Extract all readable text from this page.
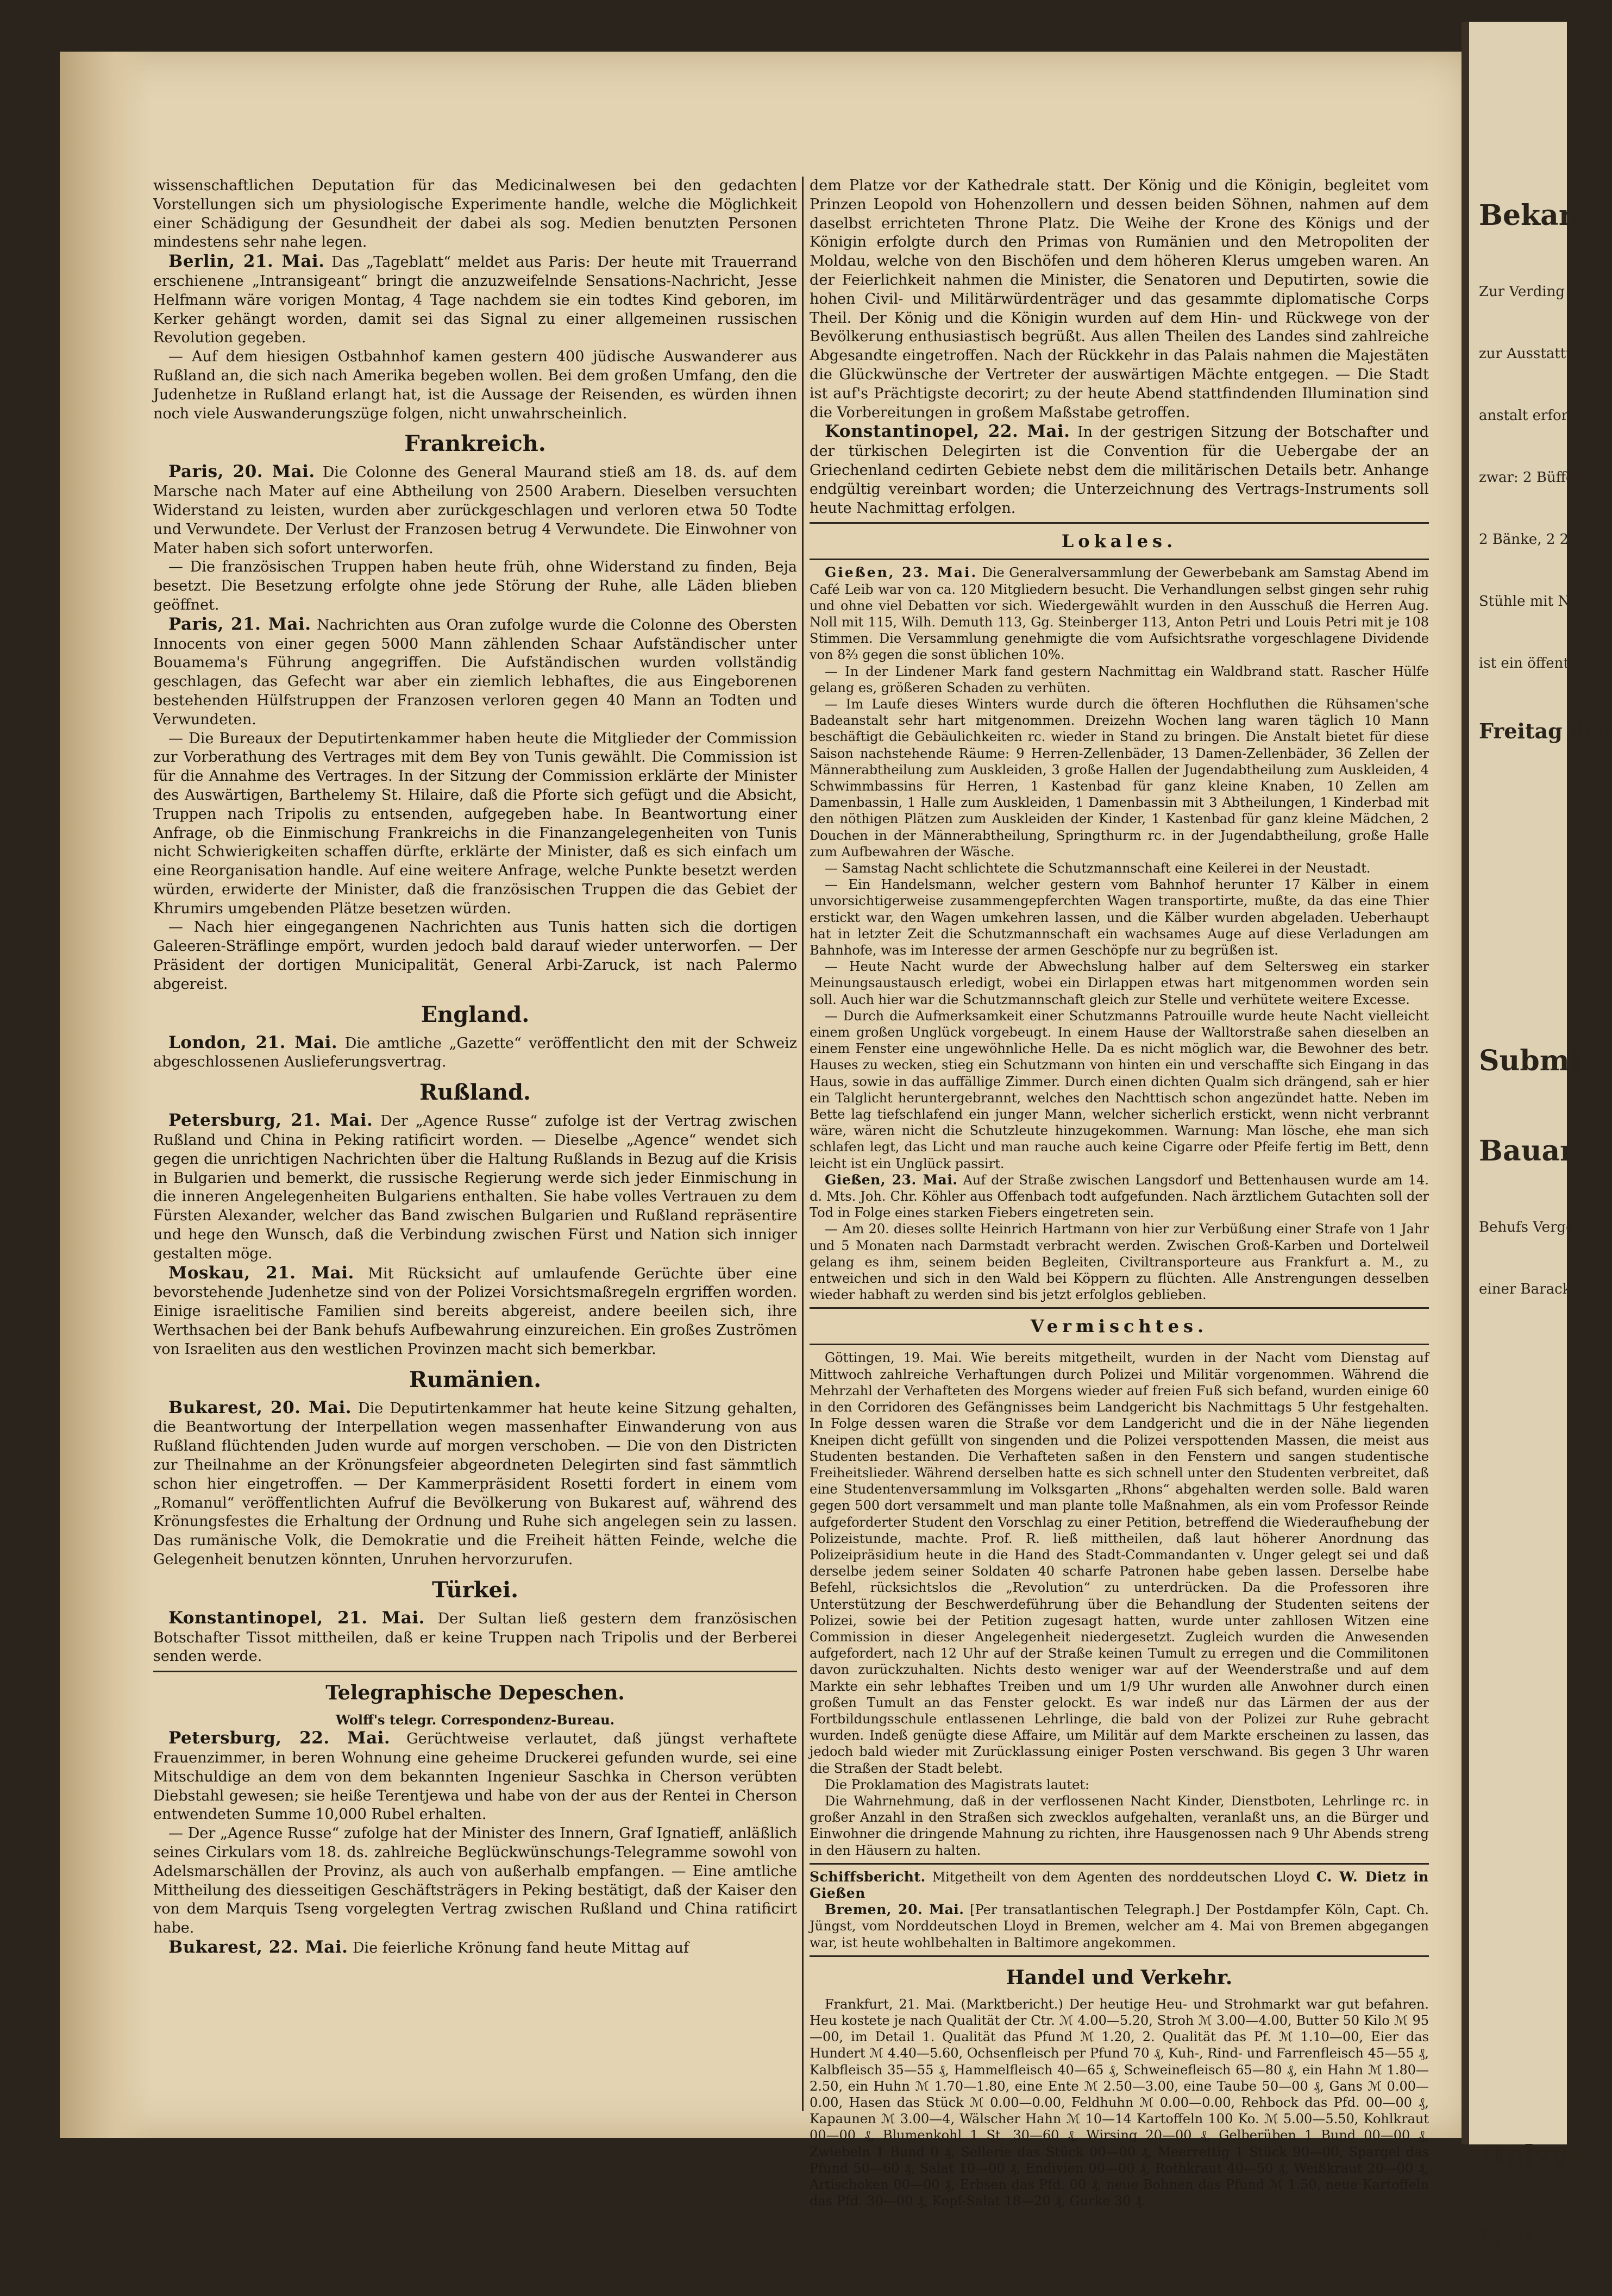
wissenschaftlichen Deputation für das Medicinalwesen bei den gedachten Vorstellungen sich um physiologische Experimente handle, welche die Möglichkeit einer Schädigung der Gesundheit der dabei als sog. Medien benutzten Personen mindestens sehr nahe legen.

Berlin, 21. Mai. Das „Tageblatt“ meldet aus Paris: Der heute mit Trauerrand erschienene „Intransigeant“ bringt die anzuzweifelnde Sensations-Nachricht, Jesse Helfmann wäre vorigen Montag, 4 Tage nachdem sie ein todtes Kind geboren, im Kerker gehängt worden, damit sei das Signal zu einer allgemeinen russischen Revolution gegeben.

— Auf dem hiesigen Ostbahnhof kamen gestern 400 jüdische Auswanderer aus Rußland an, die sich nach Amerika begeben wollen. Bei dem großen Umfang, den die Judenhetze in Rußland erlangt hat, ist die Aussage der Reisenden, es würden ihnen noch viele Auswanderungszüge folgen, nicht unwahrscheinlich.

Frankreich.

Paris, 20. Mai. Die Colonne des General Maurand stieß am 18. ds. auf dem Marsche nach Mater auf eine Abtheilung von 2500 Arabern. Dieselben versuchten Widerstand zu leisten, wurden aber zurückgeschlagen und verloren etwa 50 Todte und Verwundete. Der Verlust der Franzosen betrug 4 Verwundete. Die Einwohner von Mater haben sich sofort unterworfen.

— Die französischen Truppen haben heute früh, ohne Widerstand zu finden, Beja besetzt. Die Besetzung erfolgte ohne jede Störung der Ruhe, alle Läden blieben geöffnet.

Paris, 21. Mai. Nachrichten aus Oran zufolge wurde die Colonne des Obersten Innocents von einer gegen 5000 Mann zählenden Schaar Aufständischer unter Bouamema's Führung angegriffen. Die Aufständischen wurden vollständig geschlagen, das Gefecht war aber ein ziemlich lebhaftes, die aus Eingeborenen bestehenden Hülfstruppen der Franzosen verloren gegen 40 Mann an Todten und Verwundeten.

— Die Bureaux der Deputirtenkammer haben heute die Mitglieder der Commission zur Vorberathung des Vertrages mit dem Bey von Tunis gewählt. Die Commission ist für die Annahme des Vertrages. In der Sitzung der Commission erklärte der Minister des Auswärtigen, Barthelemy St. Hilaire, daß die Pforte sich gefügt und die Absicht, Truppen nach Tripolis zu entsenden, aufgegeben habe. In Beantwortung einer Anfrage, ob die Einmischung Frankreichs in die Finanzangelegenheiten von Tunis nicht Schwierigkeiten schaffen dürfte, erklärte der Minister, daß es sich einfach um eine Reorganisation handle. Auf eine weitere Anfrage, welche Punkte besetzt werden würden, erwiderte der Minister, daß die französischen Truppen die das Gebiet der Khrumirs umgebenden Plätze besetzen würden.

— Nach hier eingegangenen Nachrichten aus Tunis hatten sich die dortigen Galeeren-Sträflinge empört, wurden jedoch bald darauf wieder unterworfen. — Der Präsident der dortigen Municipalität, General Arbi-Zaruck, ist nach Palermo abgereist.

England.

London, 21. Mai. Die amtliche „Gazette“ veröffentlicht den mit der Schweiz abgeschlossenen Auslieferungsvertrag.

Rußland.

Petersburg, 21. Mai. Der „Agence Russe“ zufolge ist der Vertrag zwischen Rußland und China in Peking ratificirt worden. — Dieselbe „Agence“ wendet sich gegen die unrichtigen Nachrichten über die Haltung Rußlands in Bezug auf die Krisis in Bulgarien und bemerkt, die russische Regierung werde sich jeder Einmischung in die inneren Angelegenheiten Bulgariens enthalten. Sie habe volles Vertrauen zu dem Fürsten Alexander, welcher das Band zwischen Bulgarien und Rußland repräsentire und hege den Wunsch, daß die Verbindung zwischen Fürst und Nation sich inniger gestalten möge.

Moskau, 21. Mai. Mit Rücksicht auf umlaufende Gerüchte über eine bevorstehende Judenhetze sind von der Polizei Vorsichtsmaßregeln ergriffen worden. Einige israelitische Familien sind bereits abgereist, andere beeilen sich, ihre Werthsachen bei der Bank behufs Aufbewahrung einzureichen. Ein großes Zuströmen von Israeliten aus den westlichen Provinzen macht sich bemerkbar.

Rumänien.

Bukarest, 20. Mai. Die Deputirtenkammer hat heute keine Sitzung gehalten, die Beantwortung der Interpellation wegen massenhafter Einwanderung von aus Rußland flüchtenden Juden wurde auf morgen verschoben. — Die von den Districten zur Theilnahme an der Krönungsfeier abgeordneten Delegirten sind fast sämmtlich schon hier eingetroffen. — Der Kammerpräsident Rosetti fordert in einem vom „Romanul“ veröffentlichten Aufruf die Bevölkerung von Bukarest auf, während des Krönungsfestes die Erhaltung der Ordnung und Ruhe sich angelegen sein zu lassen. Das rumänische Volk, die Demokratie und die Freiheit hätten Feinde, welche die Gelegenheit benutzen könnten, Unruhen hervorzurufen.

Türkei.

Konstantinopel, 21. Mai. Der Sultan ließ gestern dem französischen Botschafter Tissot mittheilen, daß er keine Truppen nach Tripolis und der Berberei senden werde.

Telegraphische Depeschen.
Wolff's telegr. Correspondenz-Bureau.

Petersburg, 22. Mai. Gerüchtweise verlautet, daß jüngst verhaftete Frauenzimmer, in beren Wohnung eine geheime Druckerei gefunden wurde, sei eine Mitschuldige an dem von dem bekannten Ingenieur Saschka in Cherson verübten Diebstahl gewesen; sie heiße Terentjewa und habe von der aus der Rentei in Cherson entwendeten Summe 10,000 Rubel erhalten.

— Der „Agence Russe“ zufolge hat der Minister des Innern, Graf Ignatieff, anläßlich seines Cirkulars vom 18. ds. zahlreiche Beglückwünschungs-Telegramme sowohl von Adelsmarschällen der Provinz, als auch von außerhalb empfangen. — Eine amtliche Mittheilung des diesseitigen Geschäftsträgers in Peking bestätigt, daß der Kaiser den von dem Marquis Tseng vorgelegten Vertrag zwischen Rußland und China ratificirt habe.

Bukarest, 22. Mai. Die feierliche Krönung fand heute Mittag auf

dem Platze vor der Kathedrale statt. Der König und die Königin, begleitet vom Prinzen Leopold von Hohenzollern und dessen beiden Söhnen, nahmen auf dem daselbst errichteten Throne Platz. Die Weihe der Krone des Königs und der Königin erfolgte durch den Primas von Rumänien und den Metropoliten der Moldau, welche von den Bischöfen und dem höheren Klerus umgeben waren. An der Feierlichkeit nahmen die Minister, die Senatoren und Deputirten, sowie die hohen Civil- und Militärwürdenträger und das gesammte diplomatische Corps Theil. Der König und die Königin wurden auf dem Hin- und Rückwege von der Bevölkerung enthusiastisch begrüßt. Aus allen Theilen des Landes sind zahlreiche Abgesandte eingetroffen. Nach der Rückkehr in das Palais nahmen die Majestäten die Glückwünsche der Vertreter der auswärtigen Mächte entgegen. — Die Stadt ist auf's Prächtigste decorirt; zu der heute Abend stattfindenden Illumination sind die Vorbereitungen in großem Maßstabe getroffen.

Konstantinopel, 22. Mai. In der gestrigen Sitzung der Botschafter und der türkischen Delegirten ist die Convention für die Uebergabe der an Griechenland cedirten Gebiete nebst dem die militärischen Details betr. Anhange endgültig vereinbart worden; die Unterzeichnung des Vertrags-Instruments soll heute Nachmittag erfolgen.

Lokales.

Gießen, 23. Mai. Die Generalversammlung der Gewerbebank am Samstag Abend im Café Leib war von ca. 120 Mitgliedern besucht. Die Verhandlungen selbst gingen sehr ruhig und ohne viel Debatten vor sich. Wiedergewählt wurden in den Ausschuß die Herren Aug. Noll mit 115, Wilh. Demuth 113, Gg. Steinberger 113, Anton Petri und Louis Petri mit je 108 Stimmen. Die Versammlung genehmigte die vom Aufsichtsrathe vorgeschlagene Dividende von 8⅔ gegen die sonst üblichen 10%.

— In der Lindener Mark fand gestern Nachmittag ein Waldbrand statt. Rascher Hülfe gelang es, größeren Schaden zu verhüten.

— Im Laufe dieses Winters wurde durch die öfteren Hochfluthen die Rühsamen'sche Badeanstalt sehr hart mitgenommen. Dreizehn Wochen lang waren täglich 10 Mann beschäftigt die Gebäulichkeiten rc. wieder in Stand zu bringen. Die Anstalt bietet für diese Saison nachstehende Räume: 9 Herren-Zellenbäder, 13 Damen-Zellenbäder, 36 Zellen der Männerabtheilung zum Auskleiden, 3 große Hallen der Jugendabtheilung zum Auskleiden, 4 Schwimmbassins für Herren, 1 Kastenbad für ganz kleine Knaben, 10 Zellen am Damenbassin, 1 Halle zum Auskleiden, 1 Damenbassin mit 3 Abtheilungen, 1 Kinderbad mit den nöthigen Plätzen zum Auskleiden der Kinder, 1 Kastenbad für ganz kleine Mädchen, 2 Douchen in der Männerabtheilung, Springthurm rc. in der Jugendabtheilung, große Halle zum Aufbewahren der Wäsche.

— Samstag Nacht schlichtete die Schutzmannschaft eine Keilerei in der Neustadt.

— Ein Handelsmann, welcher gestern vom Bahnhof herunter 17 Kälber in einem unvorsichtigerweise zusammengepferchten Wagen transportirte, mußte, da das eine Thier erstickt war, den Wagen umkehren lassen, und die Kälber wurden abgeladen. Ueberhaupt hat in letzter Zeit die Schutzmannschaft ein wachsames Auge auf diese Verladungen am Bahnhofe, was im Interesse der armen Geschöpfe nur zu begrüßen ist.

— Heute Nacht wurde der Abwechslung halber auf dem Seltersweg ein starker Meinungsaustausch erledigt, wobei ein Dirlappen etwas hart mitgenommen worden sein soll. Auch hier war die Schutzmannschaft gleich zur Stelle und verhütete weitere Excesse.

— Durch die Aufmerksamkeit einer Schutzmanns Patrouille wurde heute Nacht vielleicht einem großen Unglück vorgebeugt. In einem Hause der Walltorstraße sahen dieselben an einem Fenster eine ungewöhnliche Helle. Da es nicht möglich war, die Bewohner des betr. Hauses zu wecken, stieg ein Schutzmann von hinten ein und verschaffte sich Eingang in das Haus, sowie in das auffällige Zimmer. Durch einen dichten Qualm sich drängend, sah er hier ein Talglicht heruntergebrannt, welches den Nachttisch schon angezündet hatte. Neben im Bette lag tiefschlafend ein junger Mann, welcher sicherlich erstickt, wenn nicht verbrannt wäre, wären nicht die Schutzleute hinzugekommen. Warnung: Man lösche, ehe man sich schlafen legt, das Licht und man rauche auch keine Cigarre oder Pfeife fertig im Bett, denn leicht ist ein Unglück passirt.

Gießen, 23. Mai. Auf der Straße zwischen Langsdorf und Bettenhausen wurde am 14. d. Mts. Joh. Chr. Köhler aus Offenbach todt aufgefunden. Nach ärztlichem Gutachten soll der Tod in Folge eines starken Fiebers eingetreten sein.

— Am 20. dieses sollte Heinrich Hartmann von hier zur Verbüßung einer Strafe von 1 Jahr und 5 Monaten nach Darmstadt verbracht werden. Zwischen Groß-Karben und Dortelweil gelang es ihm, seinem beiden Begleiten, Civiltransporteure aus Frankfurt a. M., zu entweichen und sich in den Wald bei Köppern zu flüchten. Alle Anstrengungen desselben wieder habhaft zu werden sind bis jetzt erfolglos geblieben.

Vermischtes.

Göttingen, 19. Mai. Wie bereits mitgetheilt, wurden in der Nacht vom Dienstag auf Mittwoch zahlreiche Verhaftungen durch Polizei und Militär vorgenommen. Während die Mehrzahl der Verhafteten des Morgens wieder auf freien Fuß sich befand, wurden einige 60 in den Corridoren des Gefängnisses beim Landgericht bis Nachmittags 5 Uhr festgehalten. In Folge dessen waren die Straße vor dem Landgericht und die in der Nähe liegenden Kneipen dicht gefüllt von singenden und die Polizei verspottenden Massen, die meist aus Studenten bestanden. Die Verhafteten saßen in den Fenstern und sangen studentische Freiheitslieder. Während derselben hatte es sich schnell unter den Studenten verbreitet, daß eine Studentenversammlung im Volksgarten „Rhons“ abgehalten werden solle. Bald waren gegen 500 dort versammelt und man plante tolle Maßnahmen, als ein vom Professor Reinde aufgeforderter Student den Vorschlag zu einer Petition, betreffend die Wiederaufhebung der Polizeistunde, machte. Prof. R. ließ mittheilen, daß laut höherer Anordnung das Polizeipräsidium heute in die Hand des Stadt-Commandanten v. Unger gelegt sei und daß derselbe jedem seiner Soldaten 40 scharfe Patronen habe geben lassen. Derselbe habe Befehl, rücksichtslos die „Revolution“ zu unterdrücken. Da die Professoren ihre Unterstützung der Beschwerdeführung über die Behandlung der Studenten seitens der Polizei, sowie bei der Petition zugesagt hatten, wurde unter zahllosen Witzen eine Commission in dieser Angelegenheit niedergesetzt. Zugleich wurden die Anwesenden aufgefordert, nach 12 Uhr auf der Straße keinen Tumult zu erregen und die Commilitonen davon zurückzuhalten. Nichts desto weniger war auf der Weenderstraße und auf dem Markte ein sehr lebhaftes Treiben und um 1/9 Uhr wurden alle Anwohner durch einen großen Tumult an das Fenster gelockt. Es war indeß nur das Lärmen der aus der Fortbildungsschule entlassenen Lehrlinge, die bald von der Polizei zur Ruhe gebracht wurden. Indeß genügte diese Affaire, um Militär auf dem Markte erscheinen zu lassen, das jedoch bald wieder mit Zurücklassung einiger Posten verschwand. Bis gegen 3 Uhr waren die Straßen der Stadt belebt.

Die Proklamation des Magistrats lautet:

Die Wahrnehmung, daß in der verflossenen Nacht Kinder, Dienstboten, Lehrlinge rc. in großer Anzahl in den Straßen sich zwecklos aufgehalten, veranlaßt uns, an die Bürger und Einwohner die dringende Mahnung zu richten, ihre Hausgenossen nach 9 Uhr Abends streng in den Häusern zu halten.

Schiffsbericht. Mitgetheilt von dem Agenten des norddeutschen Lloyd C. W. Dietz in Gießen

Bremen, 20. Mai. [Per transatlantischen Telegraph.] Der Postdampfer Köln, Capt. Ch. Jüngst, vom Norddeutschen Lloyd in Bremen, welcher am 4. Mai von Bremen abgegangen war, ist heute wohlbehalten in Baltimore angekommen.

Handel und Verkehr.

Frankfurt, 21. Mai. (Marktbericht.) Der heutige Heu- und Strohmarkt war gut befahren. Heu kostete je nach Qualität der Ctr. ℳ 4.00—5.20, Stroh ℳ 3.00—4.00, Butter 50 Kilo ℳ 95—00, im Detail 1. Qualität das Pfund ℳ 1.20, 2. Qualität das Pf. ℳ 1.10—00, Eier das Hundert ℳ 4.40—5.60, Ochsenfleisch per Pfund 70 ₰, Kuh-, Rind- und Farrenfleisch 45—55 ₰, Kalbfleisch 35—55 ₰, Hammelfleisch 40—65 ₰, Schweinefleisch 65—80 ₰, ein Hahn ℳ 1.80—2.50, ein Huhn ℳ 1.70—1.80, eine Ente ℳ 2.50—3.00, eine Taube 50—00 ₰, Gans ℳ 0.00—0.00, Hasen das Stück ℳ 0.00—0.00, Feldhuhn ℳ 0.00—0.00, Rehbock das Pfd. 00—00 ₰, Kapaunen ℳ 3.00—4, Wälscher Hahn ℳ 10—14 Kartoffeln 100 Ko. ℳ 5.00—5.50, Kohlkraut 00—00 ₰, Blumenkohl 1 St. 30—60 ₰, Wirsing 20—00 ₰, Gelberüben 1 Bund 00—00 ₰, Zwiebeln 1 Bund 0 ₰, Sellerie das Stück 00—00 ₰, Meerrettig 1 Stück 90—00, Spargel das Pfund 50—60 ₰, Salat 10—00 ₰, Endivien 00—00 ₰, Rothkraut 40—50 ₰, Weißkraut 20—00 ₰, Artischoken 00—00 ₰, Erbsen das Pfd. 00 ₰, neue Bohnen das Pfund ℳ 1.50, neue Kartoffeln das Pfd. 30—00 ₰, Kopf-Salat 18—20 ₰, Gurke 30 ₰.

Bekan

Zur Verding

zur Ausstattung

anstalt erforde

zwar: 2 Büffet

2 Bänke, 2 2

Stühle mit Ne

ist ein öffentlicher

Freitag den

Submi

Bauar

Behufs Verge

einer Baracke

Holzve

Freitag
